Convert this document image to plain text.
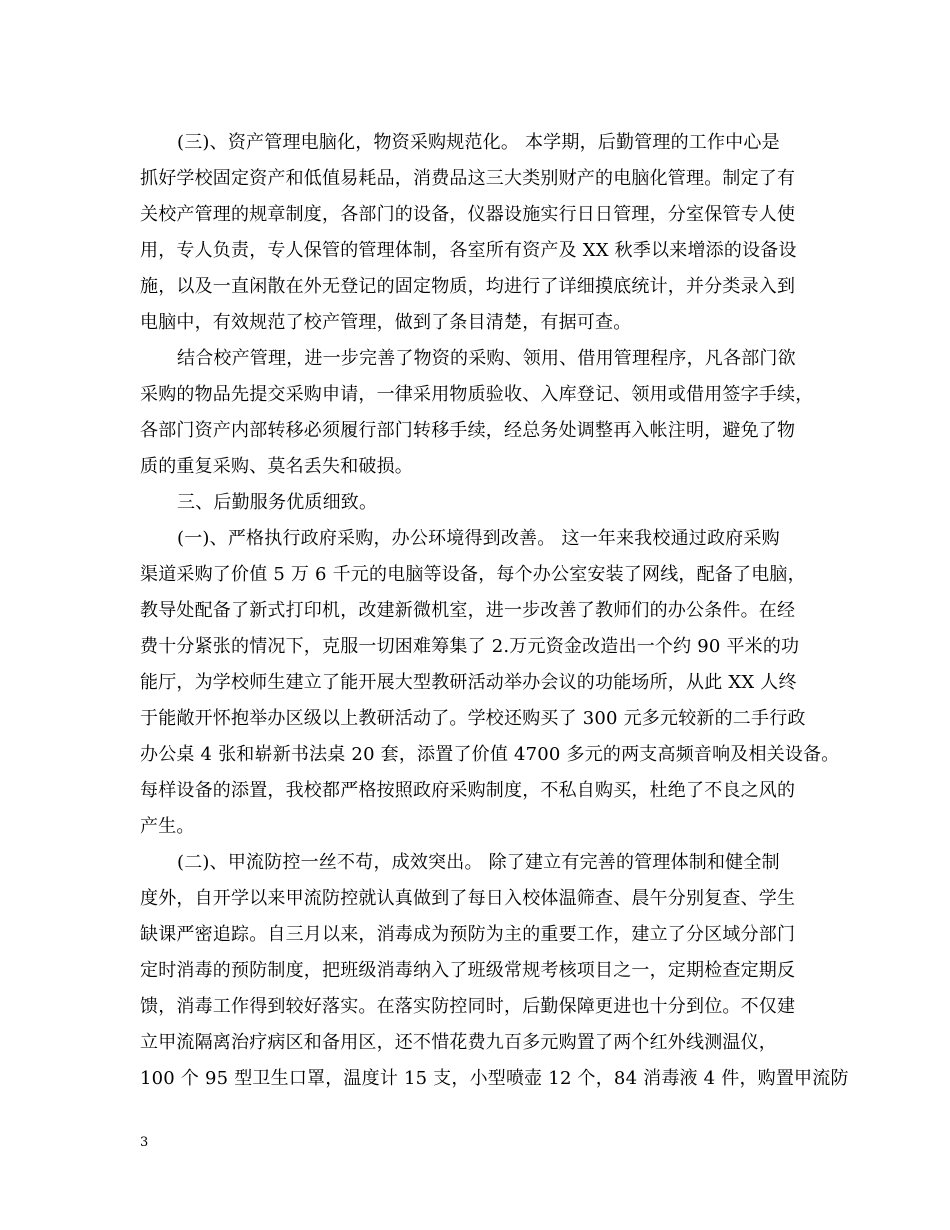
(三)、资产管理电脑化，物资采购规范化。 本学期，后勤管理的工作中心是
抓好学校固定资产和低值易耗品，消费品这三大类别财产的电脑化管理。制定了有
关校产管理的规章制度，各部门的设备，仪器设施实行日日管理，分室保管专人使
用，专人负责，专人保管的管理体制，各室所有资产及 XX 秋季以来增添的设备设
施，以及一直闲散在外无登记的固定物质，均进行了详细摸底统计，并分类录入到
电脑中，有效规范了校产管理，做到了条目清楚，有据可查。
结合校产管理，进一步完善了物资的采购、领用、借用管理程序，凡各部门欲
采购的物品先提交采购申请，一律采用物质验收、入库登记、领用或借用签字手续，
各部门资产内部转移必须履行部门转移手续，经总务处调整再入帐注明，避免了物
质的重复采购、莫名丢失和破损。
三、后勤服务优质细致。
(一)、严格执行政府采购，办公环境得到改善。 这一年来我校通过政府采购
渠道采购了价值 5 万 6 千元的电脑等设备，每个办公室安装了网线，配备了电脑，
教导处配备了新式打印机，改建新微机室，进一步改善了教师们的办公条件。在经
费十分紧张的情况下，克服一切困难筹集了 2.万元资金改造出一个约 90 平米的功
能厅，为学校师生建立了能开展大型教研活动举办会议的功能场所，从此 XX 人终
于能敞开怀抱举办区级以上教研活动了。学校还购买了 300 元多元较新的二手行政
办公桌 4 张和崭新书法桌 20 套，添置了价值 4700 多元的两支高频音响及相关设备。
每样设备的添置，我校都严格按照政府采购制度，不私自购买，杜绝了不良之风的
产生。
(二)、甲流防控一丝不苟，成效突出。 除了建立有完善的管理体制和健全制
度外，自开学以来甲流防控就认真做到了每日入校体温筛查、晨午分别复查、学生
缺课严密追踪。自三月以来，消毒成为预防为主的重要工作，建立了分区域分部门
定时消毒的预防制度，把班级消毒纳入了班级常规考核项目之一，定期检查定期反
馈，消毒工作得到较好落实。在落实防控同时，后勤保障更进也十分到位。不仅建
立甲流隔离治疗病区和备用区，还不惜花费九百多元购置了两个红外线测温仪，
100 个 95 型卫生口罩，温度计 15 支，小型喷壶 12 个，84 消毒液 4 件，购置甲流防
3
